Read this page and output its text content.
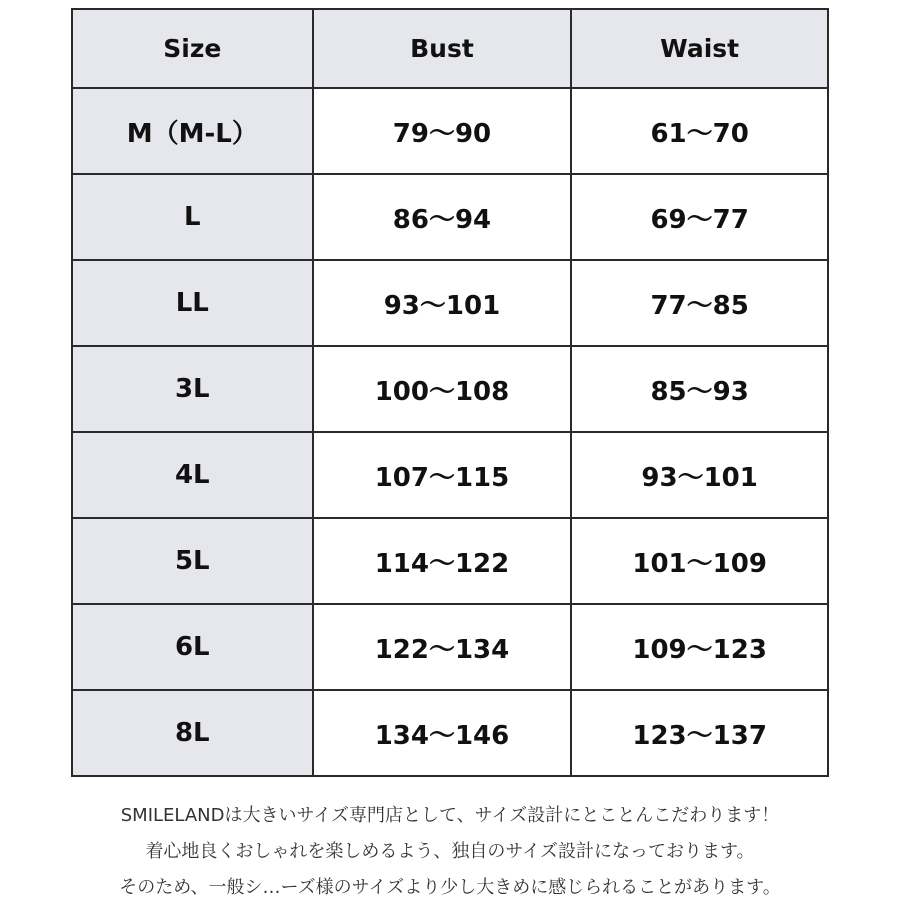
Size	Bust	Waist
M（M-L）	79〜90	61〜70
L	86〜94	69〜77
LL	93〜101	77〜85
3L	100〜108	85〜93
4L	107〜115	93〜101
5L	114〜122	101〜109
6L	122〜134	109〜123
8L	134〜146	123〜137

SMILELANDは大きいサイズ専門店として、サイズ設計にとことんこだわります！

着心地良くおしゃれを楽しめるよう、独自のサイズ設計になっております。

そのため、一般シ…ーズ様のサイズより少し大きめに感じられることがあります。
